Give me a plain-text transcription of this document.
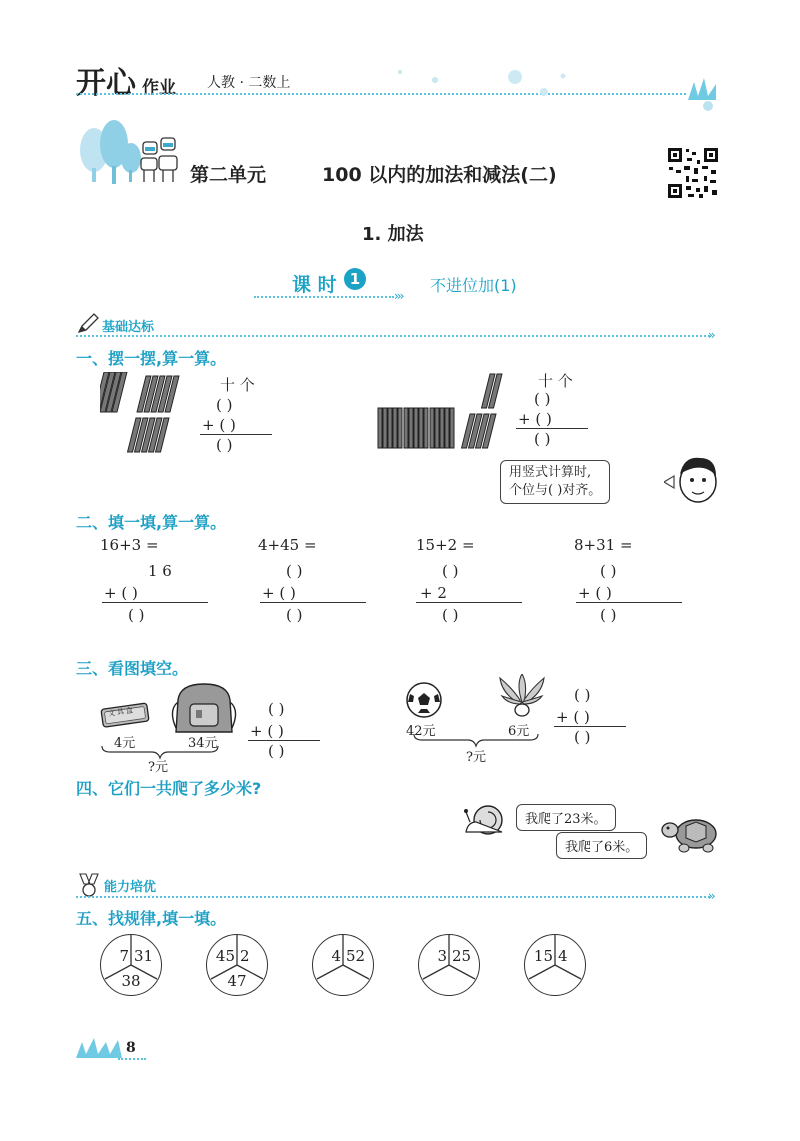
开心 作业 人教 · 二数上
第二单元	100 以内的加法和减法(二)
1. 加法
课 时 1
›››
不进位加(1)
基础达标	››
一、摆一摆,算一算。
十 个
( )
+ ( )
( )
十 个
( )
+ ( )
( )
用竖式计算时,
个位与( )对齐。
二、填一填,算一算。
16+3 =
1 6
+ ( )
( )
4+45 =
( )
+ ( )
( )
15+2 =
( )
+ 2
( )
8+31 =
( )
+ ( )
( )
三、看图填空。
文具盒
4元	34元
?元
( )
+ ( )
( )
42元	6元
?元
( )
+ ( )
( )
四、它们一共爬了多少米?
我爬了23米。
我爬了6米。
能力培优
››
五、找规律,填一填。
7 31
38
45 2
47
4 52	3 25	15 4
8
